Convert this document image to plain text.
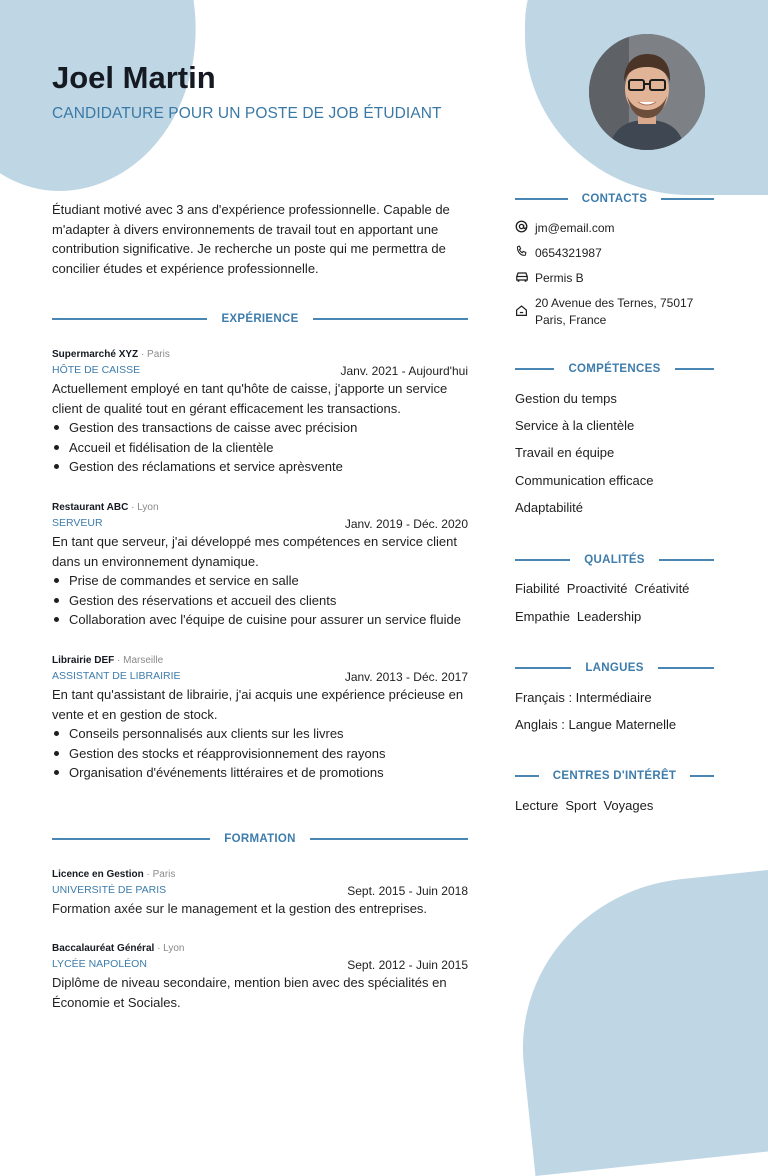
Joel Martin
CANDIDATURE POUR UN POSTE DE JOB ÉTUDIANT
Étudiant motivé avec 3 ans d'expérience professionnelle. Capable de m'adapter à divers environnements de travail tout en apportant une contribution significative. Je recherche un poste qui me permettra de concilier études et expérience professionnelle.
EXPÉRIENCE
Supermarché XYZ · Paris
HÔTE DE CAISSE	Janv. 2021 - Aujourd'hui
Actuellement employé en tant qu'hôte de caisse, j'apporte un service client de qualité tout en gérant efficacement les transactions.
Gestion des transactions de caisse avec précision
Accueil et fidélisation de la clientèle
Gestion des réclamations et service aprèsvente
Restaurant ABC · Lyon
SERVEUR	Janv. 2019 - Déc. 2020
En tant que serveur, j'ai développé mes compétences en service client dans un environnement dynamique.
Prise de commandes et service en salle
Gestion des réservations et accueil des clients
Collaboration avec l'équipe de cuisine pour assurer un service fluide
Librairie DEF · Marseille
ASSISTANT DE LIBRAIRIE	Janv. 2013 - Déc. 2017
En tant qu'assistant de librairie, j'ai acquis une expérience précieuse en vente et en gestion de stock.
Conseils personnalisés aux clients sur les livres
Gestion des stocks et réapprovisionnement des rayons
Organisation d'événements littéraires et de promotions
FORMATION
Licence en Gestion · Paris
UNIVERSITÉ DE PARIS	Sept. 2015 - Juin 2018
Formation axée sur le management et la gestion des entreprises.
Baccalauréat Général · Lyon
LYCÉE NAPOLÉON	Sept. 2012 - Juin 2015
Diplôme de niveau secondaire, mention bien avec des spécialités en Économie et Sociales.
CONTACTS
jm@email.com
0654321987
Permis B
20 Avenue des Ternes, 75017
Paris, France
COMPÉTENCES
Gestion du temps
Service à la clientèle
Travail en équipe
Communication efficace
Adaptabilité
QUALITÉS
Fiabilité Proactivité Créativité
Empathie Leadership
LANGUES
Français : Intermédiaire
Anglais : Langue Maternelle
CENTRES D'INTÉRÊT
Lecture Sport Voyages
